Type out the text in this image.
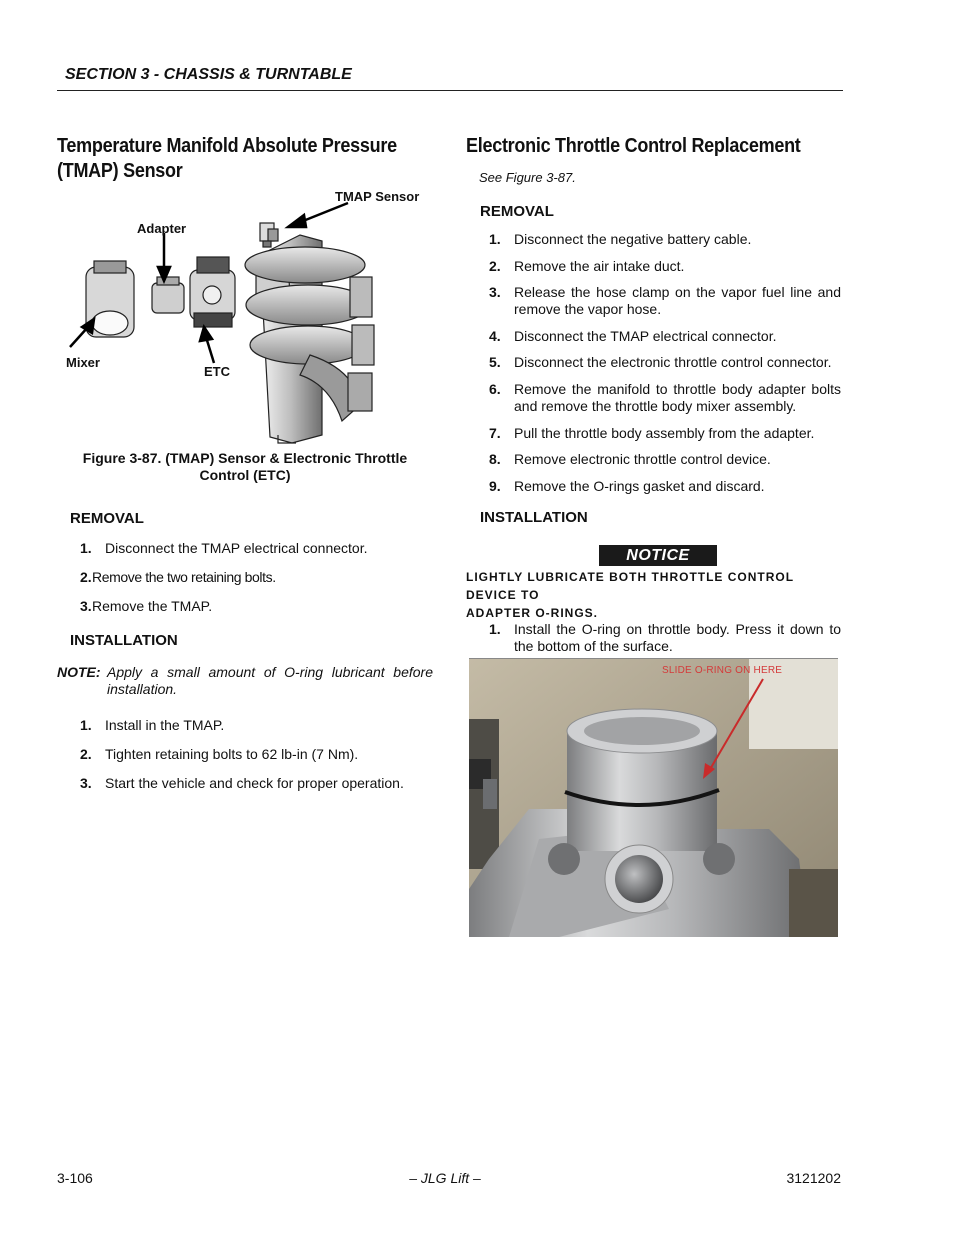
SECTION 3 - CHASSIS & TURNTABLE
Temperature Manifold Absolute Pressure
(TMAP) Sensor
TMAP Sensor
Adapter
Mixer
ETC
Figure 3-87. (TMAP) Sensor & Electronic Throttle
Control (ETC)
REMOVAL
1. Disconnect the TMAP electrical connector.
2. Remove the two retaining bolts.
3. Remove the TMAP.
INSTALLATION
NOTE: Apply a small amount of O-ring lubricant before installation.
1. Install in the TMAP.
2. Tighten retaining bolts to 62 lb-in (7 Nm).
3. Start the vehicle and check for proper operation.
Electronic Throttle Control Replacement
See Figure 3-87.
REMOVAL
1. Disconnect the negative battery cable.
2. Remove the air intake duct.
3. Release the hose clamp on the vapor fuel line and remove the vapor hose.
4. Disconnect the TMAP electrical connector.
5. Disconnect the electronic throttle control connector.
6. Remove the manifold to throttle body adapter bolts and remove the throttle body mixer assembly.
7. Pull the throttle body assembly from the adapter.
8. Remove electronic throttle control device.
9. Remove the O-rings gasket and discard.
INSTALLATION
NOTICE
LIGHTLY LUBRICATE BOTH THROTTLE CONTROL DEVICE TO
ADAPTER O-RINGS.
1. Install the O-ring on throttle body. Press it down to the bottom of the surface.
SLIDE O-RING ON HERE
3-106	– JLG Lift –	3121202
